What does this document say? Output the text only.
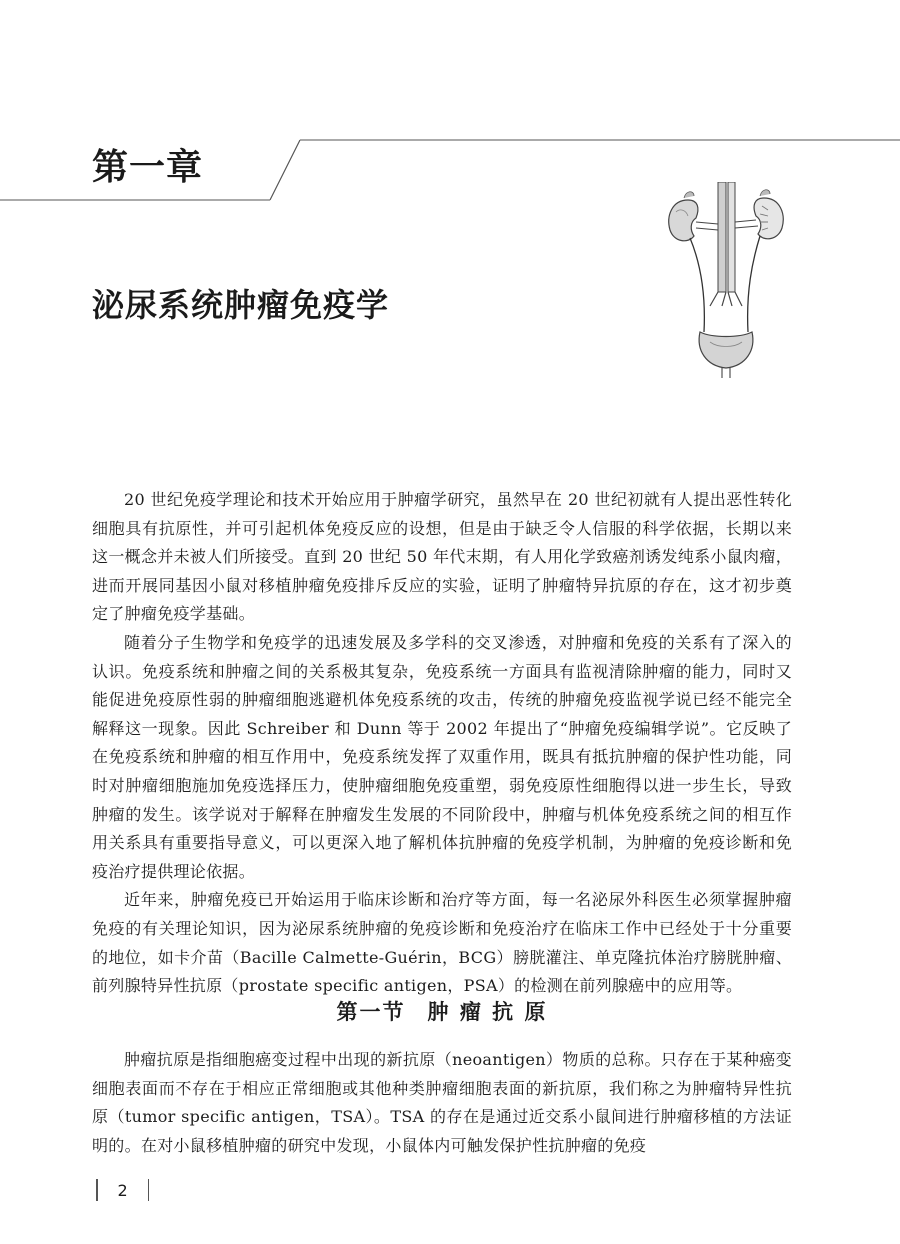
第一章
泌尿系统肿瘤免疫学

20 世纪免疫学理论和技术开始应用于肿瘤学研究，虽然早在 20 世纪初就有人提出恶性转化细胞具有抗原性，并可引起机体免疫反应的设想，但是由于缺乏令人信服的科学依据，长期以来这一概念并未被人们所接受。直到 20 世纪 50 年代末期，有人用化学致癌剂诱发纯系小鼠肉瘤，进而开展同基因小鼠对移植肿瘤免疫排斥反应的实验，证明了肿瘤特异抗原的存在，这才初步奠定了肿瘤免疫学基础。

随着分子生物学和免疫学的迅速发展及多学科的交叉渗透，对肿瘤和免疫的关系有了深入的认识。免疫系统和肿瘤之间的关系极其复杂，免疫系统一方面具有监视清除肿瘤的能力，同时又能促进免疫原性弱的肿瘤细胞逃避机体免疫系统的攻击，传统的肿瘤免疫监视学说已经不能完全解释这一现象。因此 Schreiber 和 Dunn 等于 2002 年提出了“肿瘤免疫编辑学说”。它反映了在免疫系统和肿瘤的相互作用中，免疫系统发挥了双重作用，既具有抵抗肿瘤的保护性功能，同时对肿瘤细胞施加免疫选择压力，使肿瘤细胞免疫重塑，弱免疫原性细胞得以进一步生长，导致肿瘤的发生。该学说对于解释在肿瘤发生发展的不同阶段中，肿瘤与机体免疫系统之间的相互作用关系具有重要指导意义，可以更深入地了解机体抗肿瘤的免疫学机制，为肿瘤的免疫诊断和免疫治疗提供理论依据。

近年来，肿瘤免疫已开始运用于临床诊断和治疗等方面，每一名泌尿外科医生必须掌握肿瘤免疫的有关理论知识，因为泌尿系统肿瘤的免疫诊断和免疫治疗在临床工作中已经处于十分重要的地位，如卡介苗（Bacille Calmette-Guérin，BCG）膀胱灌注、单克隆抗体治疗膀胱肿瘤、前列腺特异性抗原（prostate specific antigen，PSA）的检测在前列腺癌中的应用等。

第一节 肿 瘤 抗 原

肿瘤抗原是指细胞癌变过程中出现的新抗原（neoantigen）物质的总称。只存在于某种癌变细胞表面而不存在于相应正常细胞或其他种类肿瘤细胞表面的新抗原，我们称之为肿瘤特异性抗原（tumor specific antigen，TSA）。TSA 的存在是通过近交系小鼠间进行肿瘤移植的方法证明的。在对小鼠移植肿瘤的研究中发现，小鼠体内可触发保护性抗肿瘤的免疫

2
